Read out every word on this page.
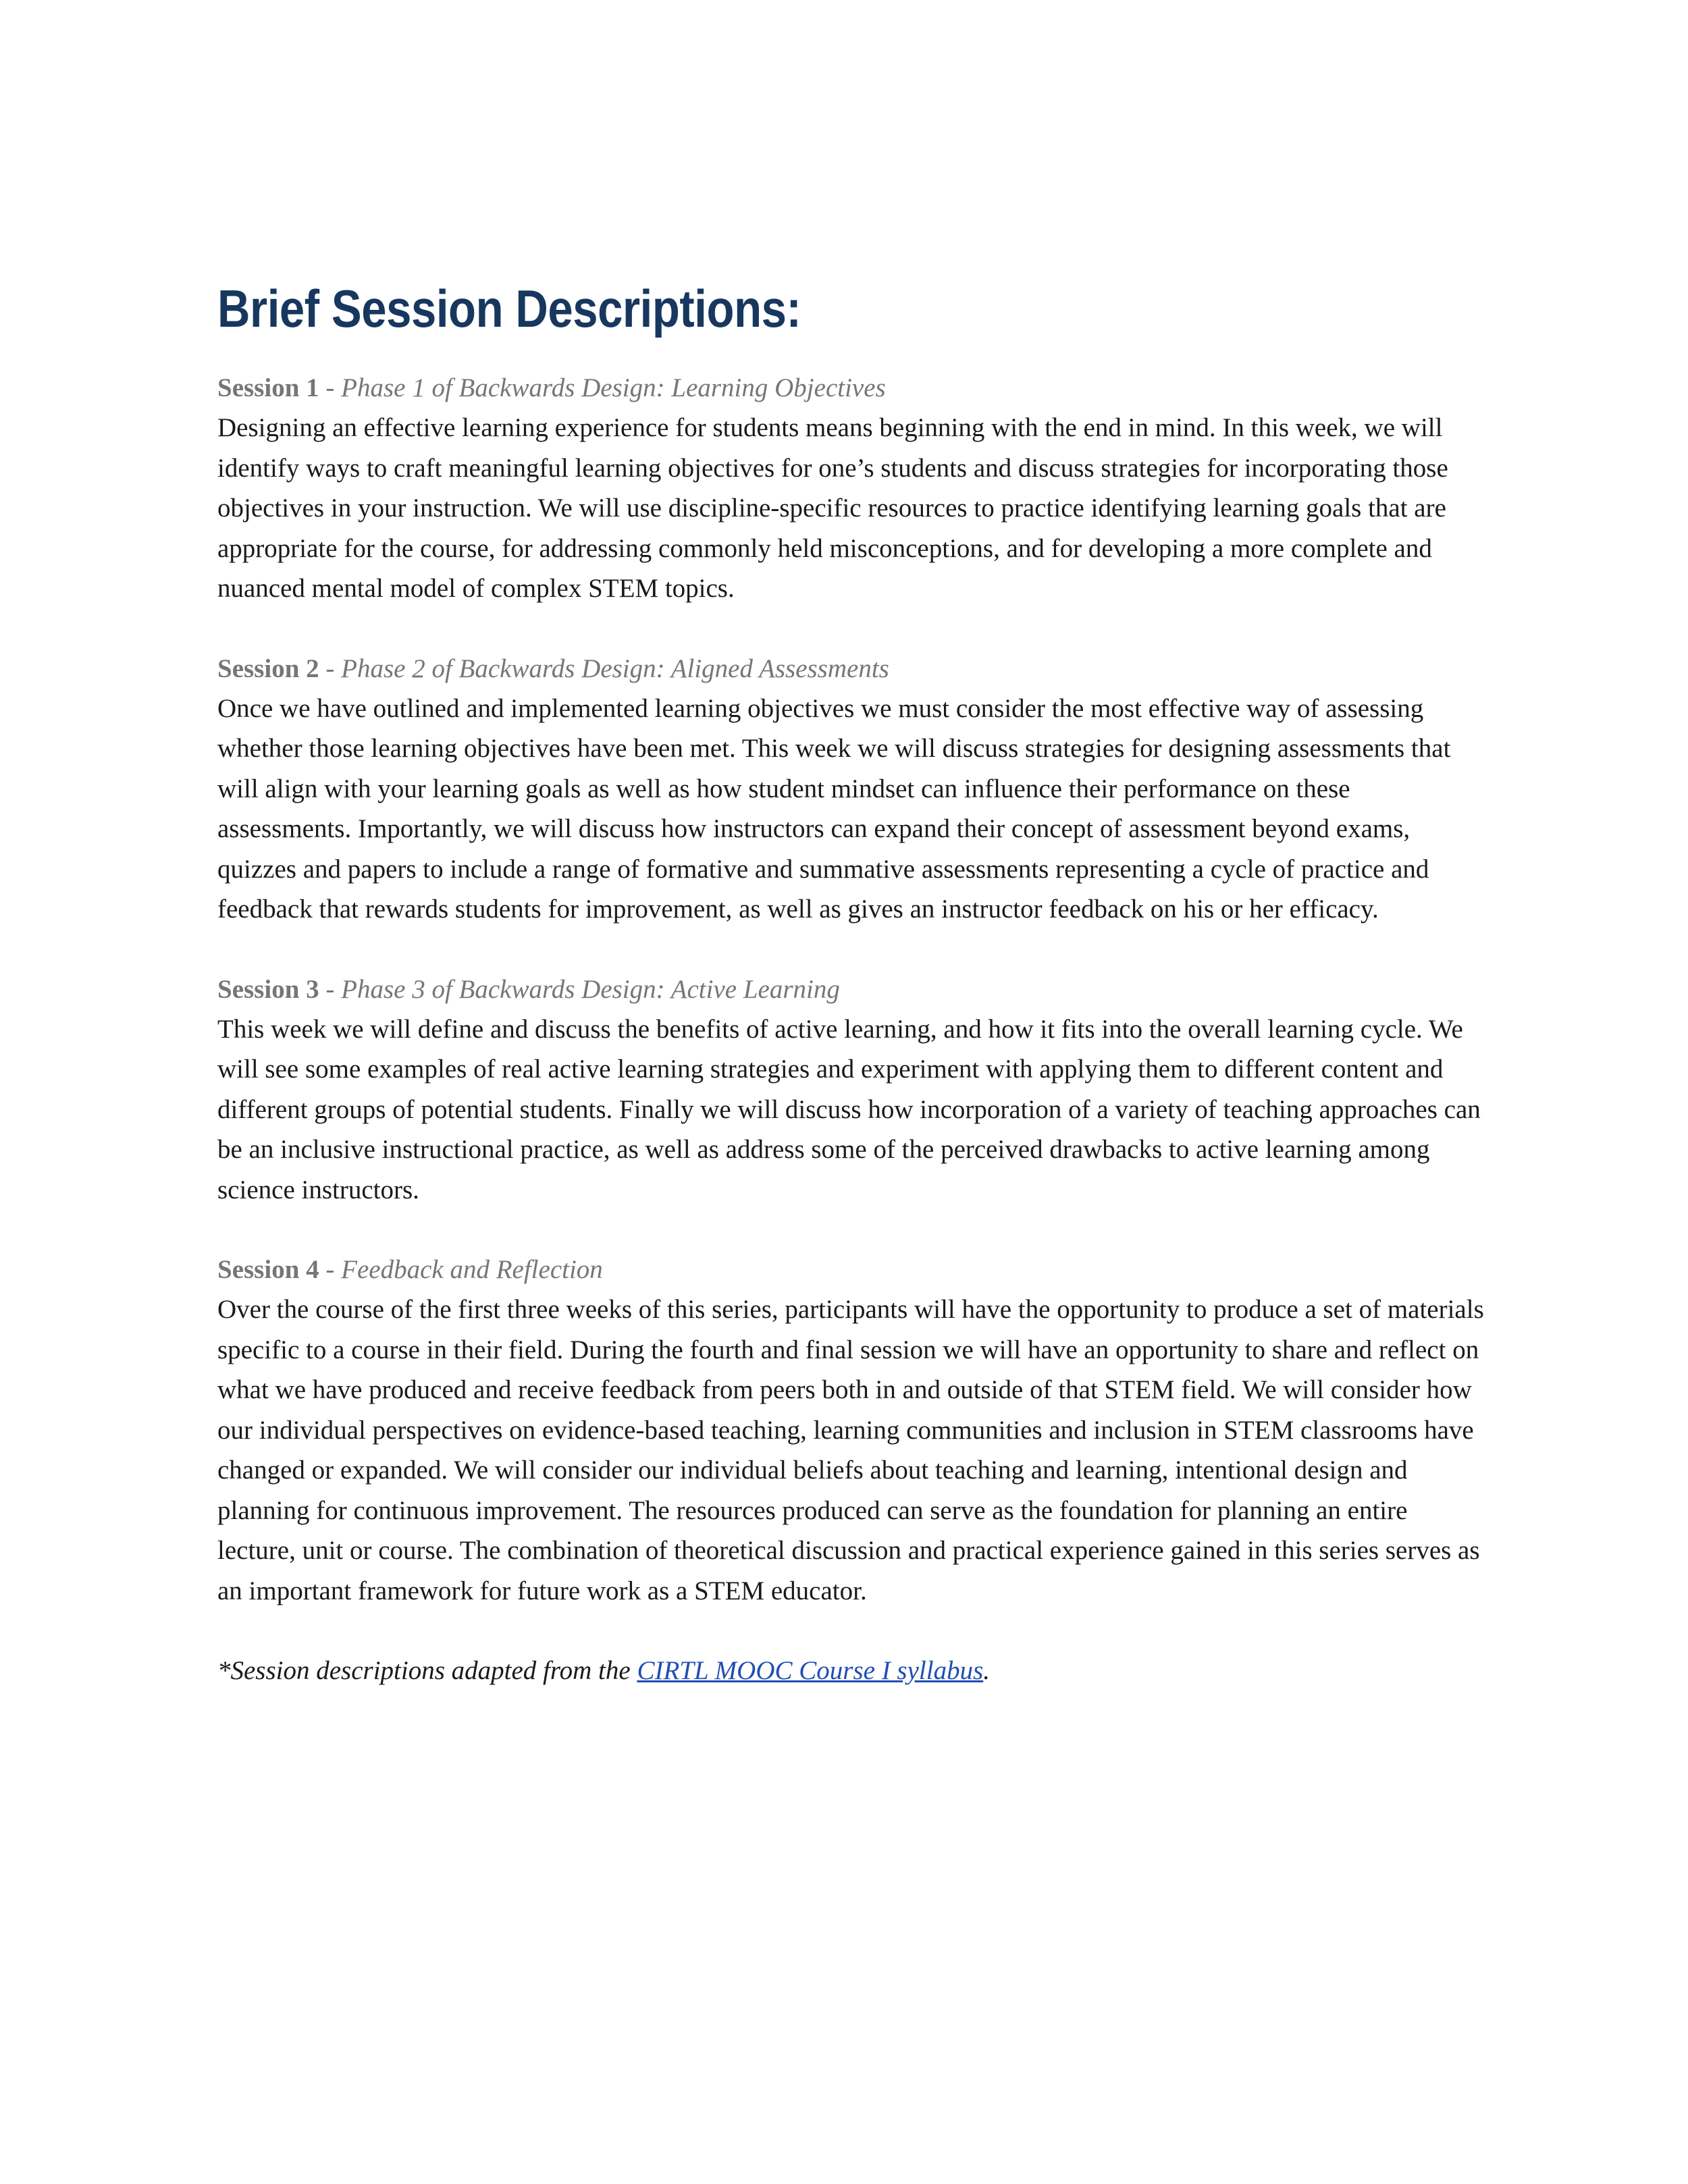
Brief Session Descriptions:
Session 1 - Phase 1 of Backwards Design: Learning Objectives

Designing an effective learning experience for students means beginning with the end in mind. In this week, we will identify ways to craft meaningful learning objectives for one’s students and discuss strategies for incorporating those objectives in your instruction. We will use discipline-specific resources to practice identifying learning goals that are appropriate for the course, for addressing commonly held misconceptions, and for developing a more complete and nuanced mental model of complex STEM topics.

Session 2 - Phase 2 of Backwards Design: Aligned Assessments

Once we have outlined and implemented learning objectives we must consider the most effective way of assessing whether those learning objectives have been met. This week we will discuss strategies for designing assessments that will align with your learning goals as well as how student mindset can influence their performance on these assessments. Importantly, we will discuss how instructors can expand their concept of assessment beyond exams, quizzes and papers to include a range of formative and summative assessments representing a cycle of practice and feedback that rewards students for improvement, as well as gives an instructor feedback on his or her efficacy.

Session 3 - Phase 3 of Backwards Design: Active Learning

This week we will define and discuss the benefits of active learning, and how it fits into the overall learning cycle. We will see some examples of real active learning strategies and experiment with applying them to different content and different groups of potential students. Finally we will discuss how incorporation of a variety of teaching approaches can be an inclusive instructional practice, as well as address some of the perceived drawbacks to active learning among science instructors.

Session 4 - Feedback and Reflection

Over the course of the first three weeks of this series, participants will have the opportunity to produce a set of materials specific to a course in their field. During the fourth and final session we will have an opportunity to share and reflect on what we have produced and receive feedback from peers both in and outside of that STEM field. We will consider how our individual perspectives on evidence-based teaching, learning communities and inclusion in STEM classrooms have changed or expanded. We will consider our individual beliefs about teaching and learning, intentional design and planning for continuous improvement. The resources produced can serve as the foundation for planning an entire lecture, unit or course. The combination of theoretical discussion and practical experience gained in this series serves as an important framework for future work as a STEM educator.

*Session descriptions adapted from the CIRTL MOOC Course I syllabus.
